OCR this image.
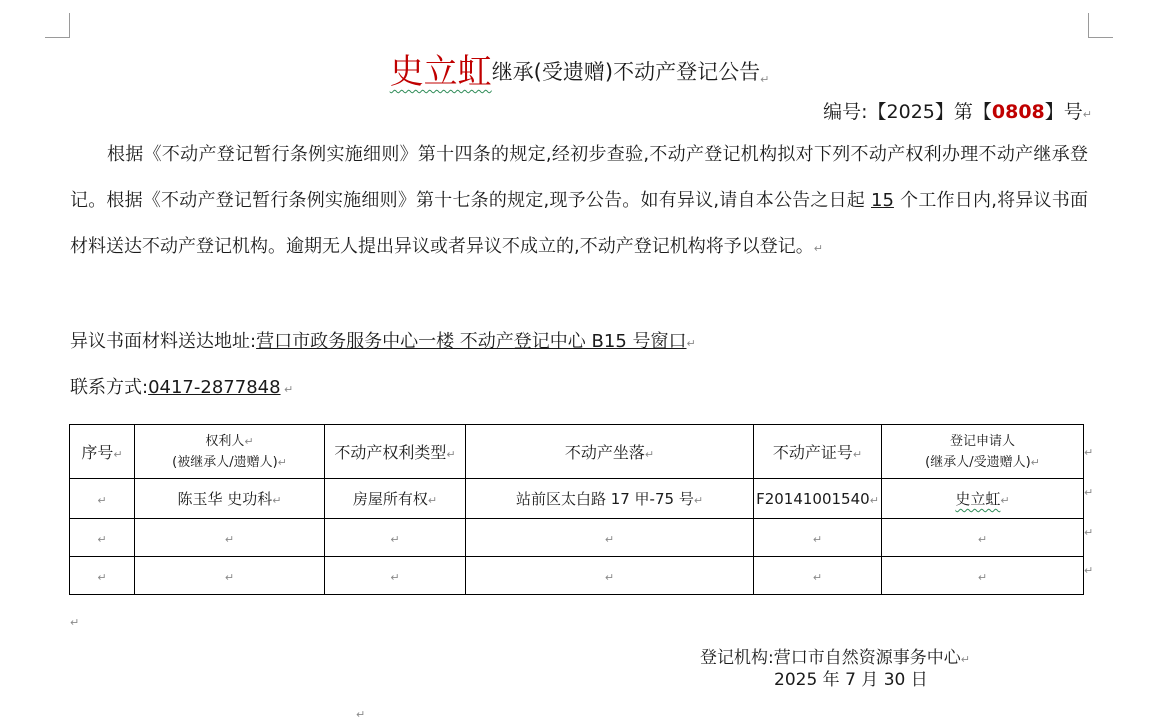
史立虹继承(受遗赠)不动产登记公告↵
编号:【2025】第【0808】号↵

根据《不动产登记暂行条例实施细则》第十四条的规定,经初步查验,不动产登记机构拟对下列不动产权利办理不动产继承登记。根据《不动产登记暂行条例实施细则》第十七条的规定,现予公告。如有异议,请自本公告之日起 15 个工作日内,将异议书面材料送达不动产登记机构。逾期无人提出异议或者异议不成立的,不动产登记机构将予以登记。↵

异议书面材料送达地址:营口市政务服务中心一楼 不动产登记中心 B15 号窗口↵
联系方式:0417-2877848 ↵
序号↵	权利人↵
(被继承人/遗赠人)↵	不动产权利类型↵	不动产坐落↵	不动产证号↵	登记申请人
(继承人/受遗赠人)↵

↵	陈玉华 史功科↵	房屋所有权↵	站前区太白路 17 甲-75 号↵	F20141001540↵	史立虹↵
↵	↵	↵	↵	↵	↵
↵	↵	↵	↵	↵	↵
↵
↵
↵
↵
↵
登记机构:营口市自然资源事务中心↵
2025 年 7 月 30 日
↵
